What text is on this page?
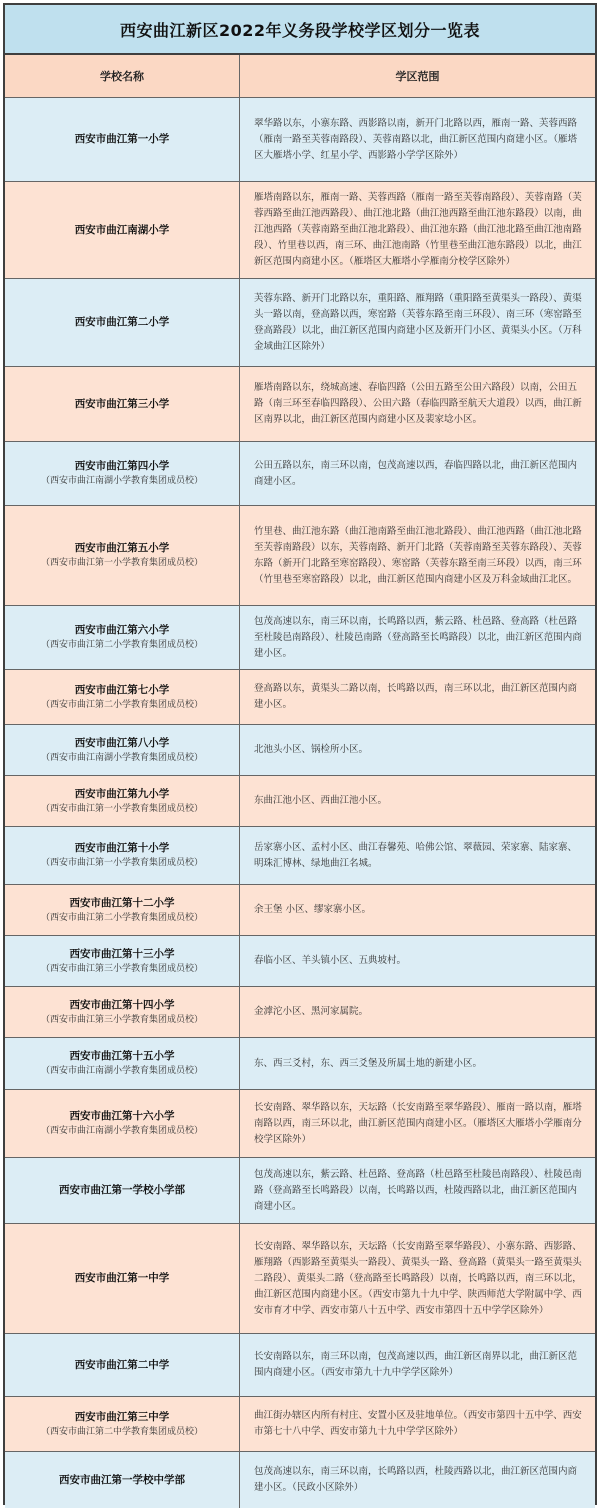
西安曲江新区2022年义务段学校学区划分一览表
学校名称	学区范围
西安市曲江第一小学
翠华路以东，小寨东路、西影路以南，新开门北路以西，雁南一路、芙蓉西路（雁南一路至芙蓉南路段）、芙蓉南路以北，曲江新区范围内商建小区。（雁塔区大雁塔小学、红星小学、西影路小学学区除外）
西安市曲江南湖小学
雁塔南路以东，雁南一路、芙蓉西路（雁南一路至芙蓉南路段）、芙蓉南路（芙蓉西路至曲江池西路段）、曲江池北路（曲江池西路至曲江池东路段）以南，曲江池西路（芙蓉南路至曲江池北路段）、曲江池东路（曲江池北路至曲江池南路段）、竹里巷以西，南三环、曲江池南路（竹里巷至曲江池东路段）以北，曲江新区范围内商建小区。（雁塔区大雁塔小学雁南分校学区除外）
西安市曲江第二小学
芙蓉东路、新开门北路以东，重阳路、雁翔路（重阳路至黄渠头一路段）、黄渠头一路以南，登高路以西，寒窑路（芙蓉东路至南三环段）、南三环（寒窑路至登高路段）以北，曲江新区范围内商建小区及新开门小区、黄渠头小区。（万科金域曲江区除外）
西安市曲江第三小学
雁塔南路以东，绕城高速、春临四路（公田五路至公田六路段）以南，公田五路（南三环至春临四路段）、公田六路（春临四路至航天大道段）以西，曲江新区南界以北，曲江新区范围内商建小区及裴家埝小区。
西安市曲江第四小学
（西安市曲江南湖小学教育集团成员校）
公田五路以东，南三环以南，包茂高速以西，春临四路以北，曲江新区范围内商建小区。
西安市曲江第五小学
（西安市曲江第一小学教育集团成员校）
竹里巷、曲江池东路（曲江池南路至曲江池北路段）、曲江池西路（曲江池北路至芙蓉南路段）以东，芙蓉南路、新开门北路（芙蓉南路至芙蓉东路段）、芙蓉东路（新开门北路至寒窑路段）、寒窑路（芙蓉东路至南三环段）以西，南三环（竹里巷至寒窑路段）以北，曲江新区范围内商建小区及万科金域曲江北区。
西安市曲江第六小学
（西安市曲江第二小学教育集团成员校）
包茂高速以东，南三环以南，长鸣路以西，紫云路、杜邑路、登高路（杜邑路至杜陵邑南路段）、杜陵邑南路（登高路至长鸣路段）以北，曲江新区范围内商建小区。
西安市曲江第七小学
（西安市曲江第二小学教育集团成员校）
登高路以东，黄渠头二路以南，长鸣路以西，南三环以北，曲江新区范围内商建小区。
西安市曲江第八小学
（西安市曲江南湖小学教育集团成员校）
北池头小区、锅检所小区。
西安市曲江第九小学
（西安市曲江第一小学教育集团成员校）
东曲江池小区、西曲江池小区。
西安市曲江第十小学
（西安市曲江第一小学教育集团成员校）
岳家寨小区、孟村小区、曲江春馨苑、哈佛公馆、翠薇园、荣家寨、陆家寨、明珠汇博林、绿地曲江名城。
西安市曲江第十二小学
（西安市曲江第二小学教育集团成员校）
余王堡 小区、缪家寨小区。
西安市曲江第十三小学
（西安市曲江第三小学教育集团成员校）
春临小区、羊头镇小区、五典坡村。
西安市曲江第十四小学
（西安市曲江第三小学教育集团成员校）
金滹沱小区、黑河家属院。
西安市曲江第十五小学
（西安市曲江南湖小学教育集团成员校）
东、西三爻村，东、西三爻堡及所属土地的新建小区。
西安市曲江第十六小学
（西安市曲江南湖小学教育集团成员校）
长安南路、翠华路以东，天坛路（长安南路至翠华路段）、雁南一路以南，雁塔南路以西，南三环以北，曲江新区范围内商建小区。（雁塔区大雁塔小学雁南分校学区除外）
西安市曲江第一学校小学部
包茂高速以东，紫云路、杜邑路、登高路（杜邑路至杜陵邑南路段）、杜陵邑南路（登高路至长鸣路段）以南，长鸣路以西，杜陵西路以北，曲江新区范围内商建小区。
西安市曲江第一中学
长安南路、翠华路以东，天坛路（长安南路至翠华路段）、小寨东路、西影路、雁翔路（西影路至黄渠头一路段）、黄渠头一路、登高路（黄渠头一路至黄渠头二路段）、黄渠头二路（登高路至长鸣路段）以南，长鸣路以西，南三环以北，曲江新区范围内商建小区。（西安市第九十九中学、陕西师范大学附属中学、西安市育才中学、西安市第八十五中学、西安市第四十五中学学区除外）
西安市曲江第二中学
长安南路以东，南三环以南，包茂高速以西，曲江新区南界以北，曲江新区范围内商建小区。（西安市第九十九中学学区除外）
西安市曲江第三中学
（西安市曲江第二中学教育集团成员校）
曲江街办辖区内所有村庄、安置小区及驻地单位。（西安市第四十五中学、西安市第七十八中学、西安市第九十九中学学区除外）
西安市曲江第一学校中学部
包茂高速以东，南三环以南，长鸣路以西，杜陵西路以北，曲江新区范围内商建小区。（民政小区除外）
